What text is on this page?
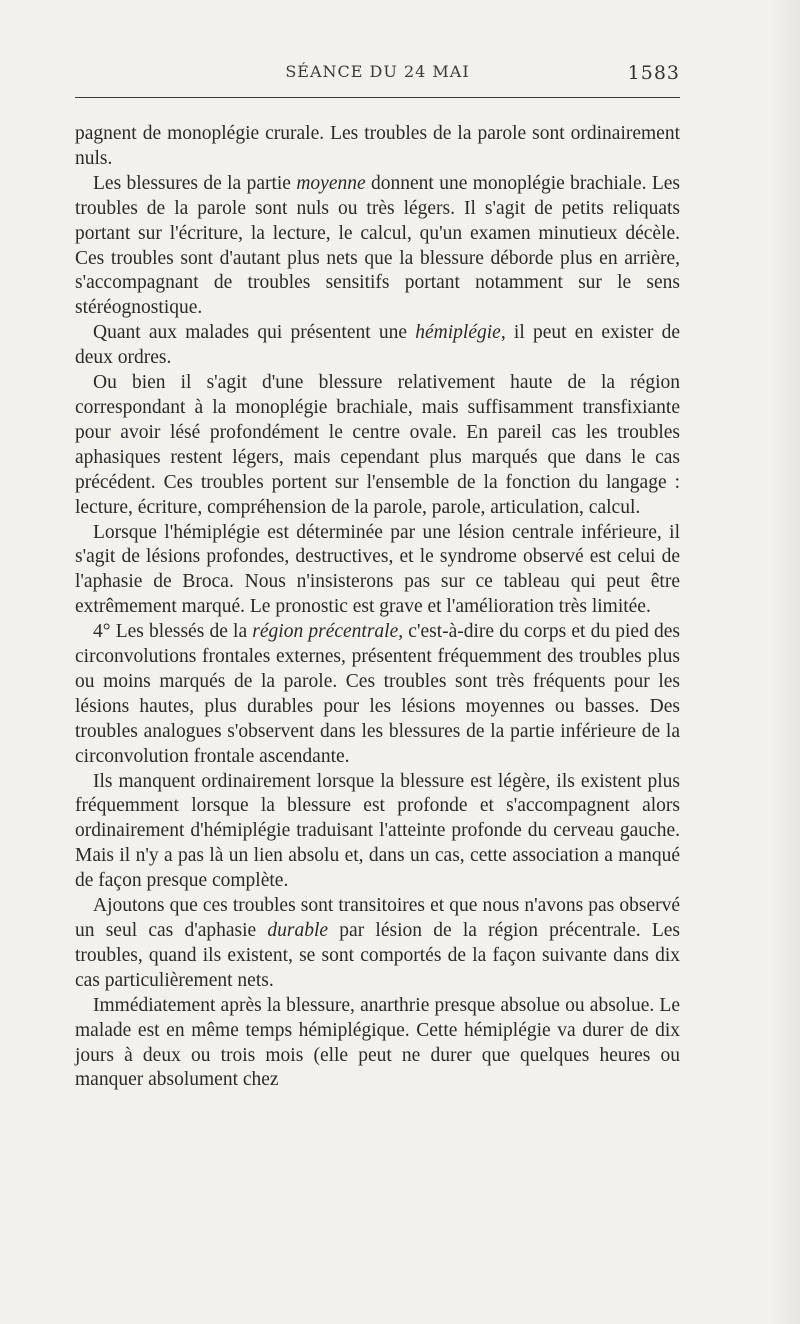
SÉANCE DU 24 MAI	1583

pagnent de monoplégie crurale. Les troubles de la parole sont ordinairement nuls.

Les blessures de la partie moyenne donnent une monoplégie brachiale. Les troubles de la parole sont nuls ou très légers. Il s'agit de petits reliquats portant sur l'écriture, la lecture, le calcul, qu'un examen minutieux décèle. Ces troubles sont d'autant plus nets que la blessure déborde plus en arrière, s'accompagnant de troubles sensitifs portant notamment sur le sens stéréognostique.

Quant aux malades qui présentent une hémiplégie, il peut en exister de deux ordres.

Ou bien il s'agit d'une blessure relativement haute de la région correspondant à la monoplégie brachiale, mais suffisamment transfixiante pour avoir lésé profondément le centre ovale. En pareil cas les troubles aphasiques restent légers, mais cependant plus marqués que dans le cas précédent. Ces troubles portent sur l'ensemble de la fonction du langage : lecture, écriture, compréhension de la parole, parole, articulation, calcul.

Lorsque l'hémiplégie est déterminée par une lésion centrale inférieure, il s'agit de lésions profondes, destructives, et le syndrome observé est celui de l'aphasie de Broca. Nous n'insisterons pas sur ce tableau qui peut être extrêmement marqué. Le pronostic est grave et l'amélioration très limitée.

4° Les blessés de la région précentrale, c'est-à-dire du corps et du pied des circonvolutions frontales externes, présentent fréquemment des troubles plus ou moins marqués de la parole. Ces troubles sont très fréquents pour les lésions hautes, plus durables pour les lésions moyennes ou basses. Des troubles analogues s'observent dans les blessures de la partie inférieure de la circonvolution frontale ascendante.

Ils manquent ordinairement lorsque la blessure est légère, ils existent plus fréquemment lorsque la blessure est profonde et s'accompagnent alors ordinairement d'hémiplégie traduisant l'atteinte profonde du cerveau gauche. Mais il n'y a pas là un lien absolu et, dans un cas, cette association a manqué de façon presque complète.

Ajoutons que ces troubles sont transitoires et que nous n'avons pas observé un seul cas d'aphasie durable par lésion de la région précentrale. Les troubles, quand ils existent, se sont comportés de la façon suivante dans dix cas particulièrement nets.

Immédiatement après la blessure, anarthrie presque absolue ou absolue. Le malade est en même temps hémiplégique. Cette hémiplégie va durer de dix jours à deux ou trois mois (elle peut ne durer que quelques heures ou manquer absolument chez
